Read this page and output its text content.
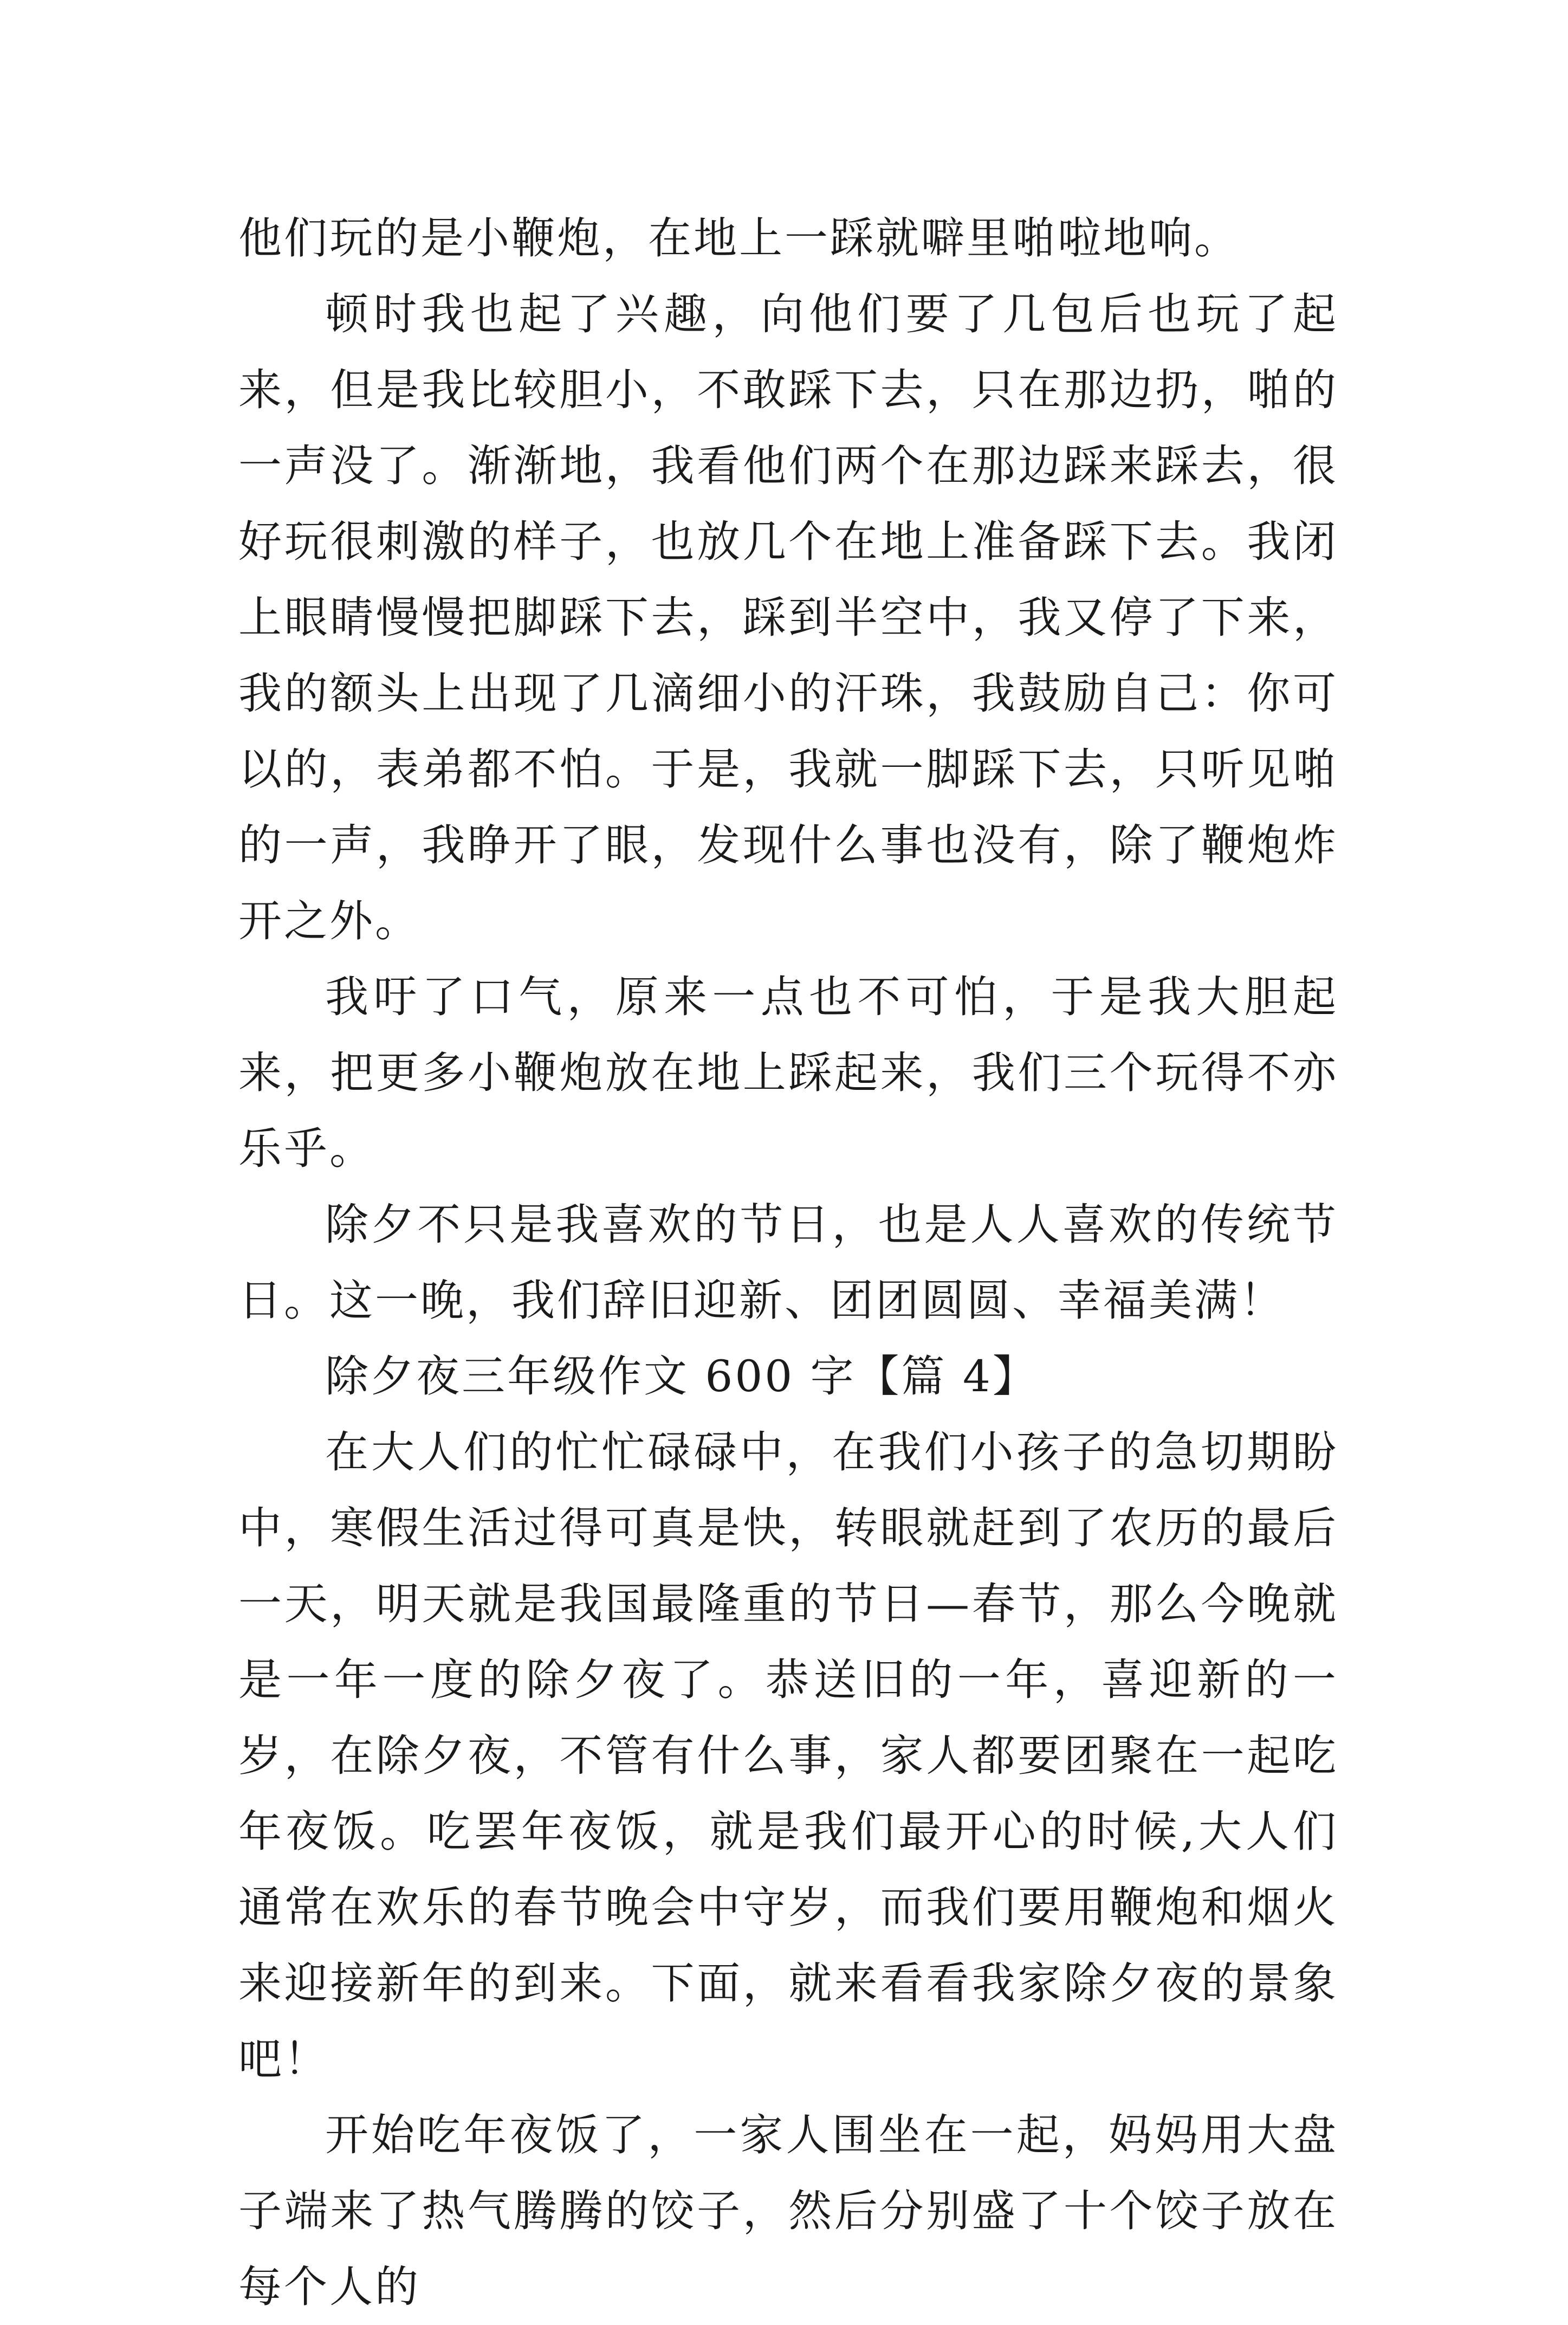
他们玩的是小鞭炮，在地上一踩就噼里啪啦地响。

顿时我也起了兴趣，向他们要了几包后也玩了起来，但是我比较胆小，不敢踩下去，只在那边扔，啪的一声没了。渐渐地，我看他们两个在那边踩来踩去，很好玩很刺激的样子，也放几个在地上准备踩下去。我闭上眼睛慢慢把脚踩下去，踩到半空中，我又停了下来，我的额头上出现了几滴细小的汗珠，我鼓励自己：你可以的，表弟都不怕。于是，我就一脚踩下去，只听见啪的一声，我睁开了眼，发现什么事也没有，除了鞭炮炸开之外。

我吁了口气，原来一点也不可怕，于是我大胆起来，把更多小鞭炮放在地上踩起来，我们三个玩得不亦乐乎。

除夕不只是我喜欢的节日，也是人人喜欢的传统节日。这一晚，我们辞旧迎新、团团圆圆、幸福美满！

除夕夜三年级作文 600 字【篇 4】

在大人们的忙忙碌碌中，在我们小孩子的急切期盼中，寒假生活过得可真是快，转眼就赶到了农历的最后一天，明天就是我国最隆重的节日—春节，那么今晚就是一年一度的除夕夜了。恭送旧的一年，喜迎新的一岁，在除夕夜，不管有什么事，家人都要团聚在一起吃年夜饭。吃罢年夜饭，就是我们最开心的时候,大人们通常在欢乐的春节晚会中守岁，而我们要用鞭炮和烟火来迎接新年的到来。下面，就来看看我家除夕夜的景象吧！

开始吃年夜饭了，一家人围坐在一起，妈妈用大盘子端来了热气腾腾的饺子，然后分别盛了十个饺子放在每个人的
